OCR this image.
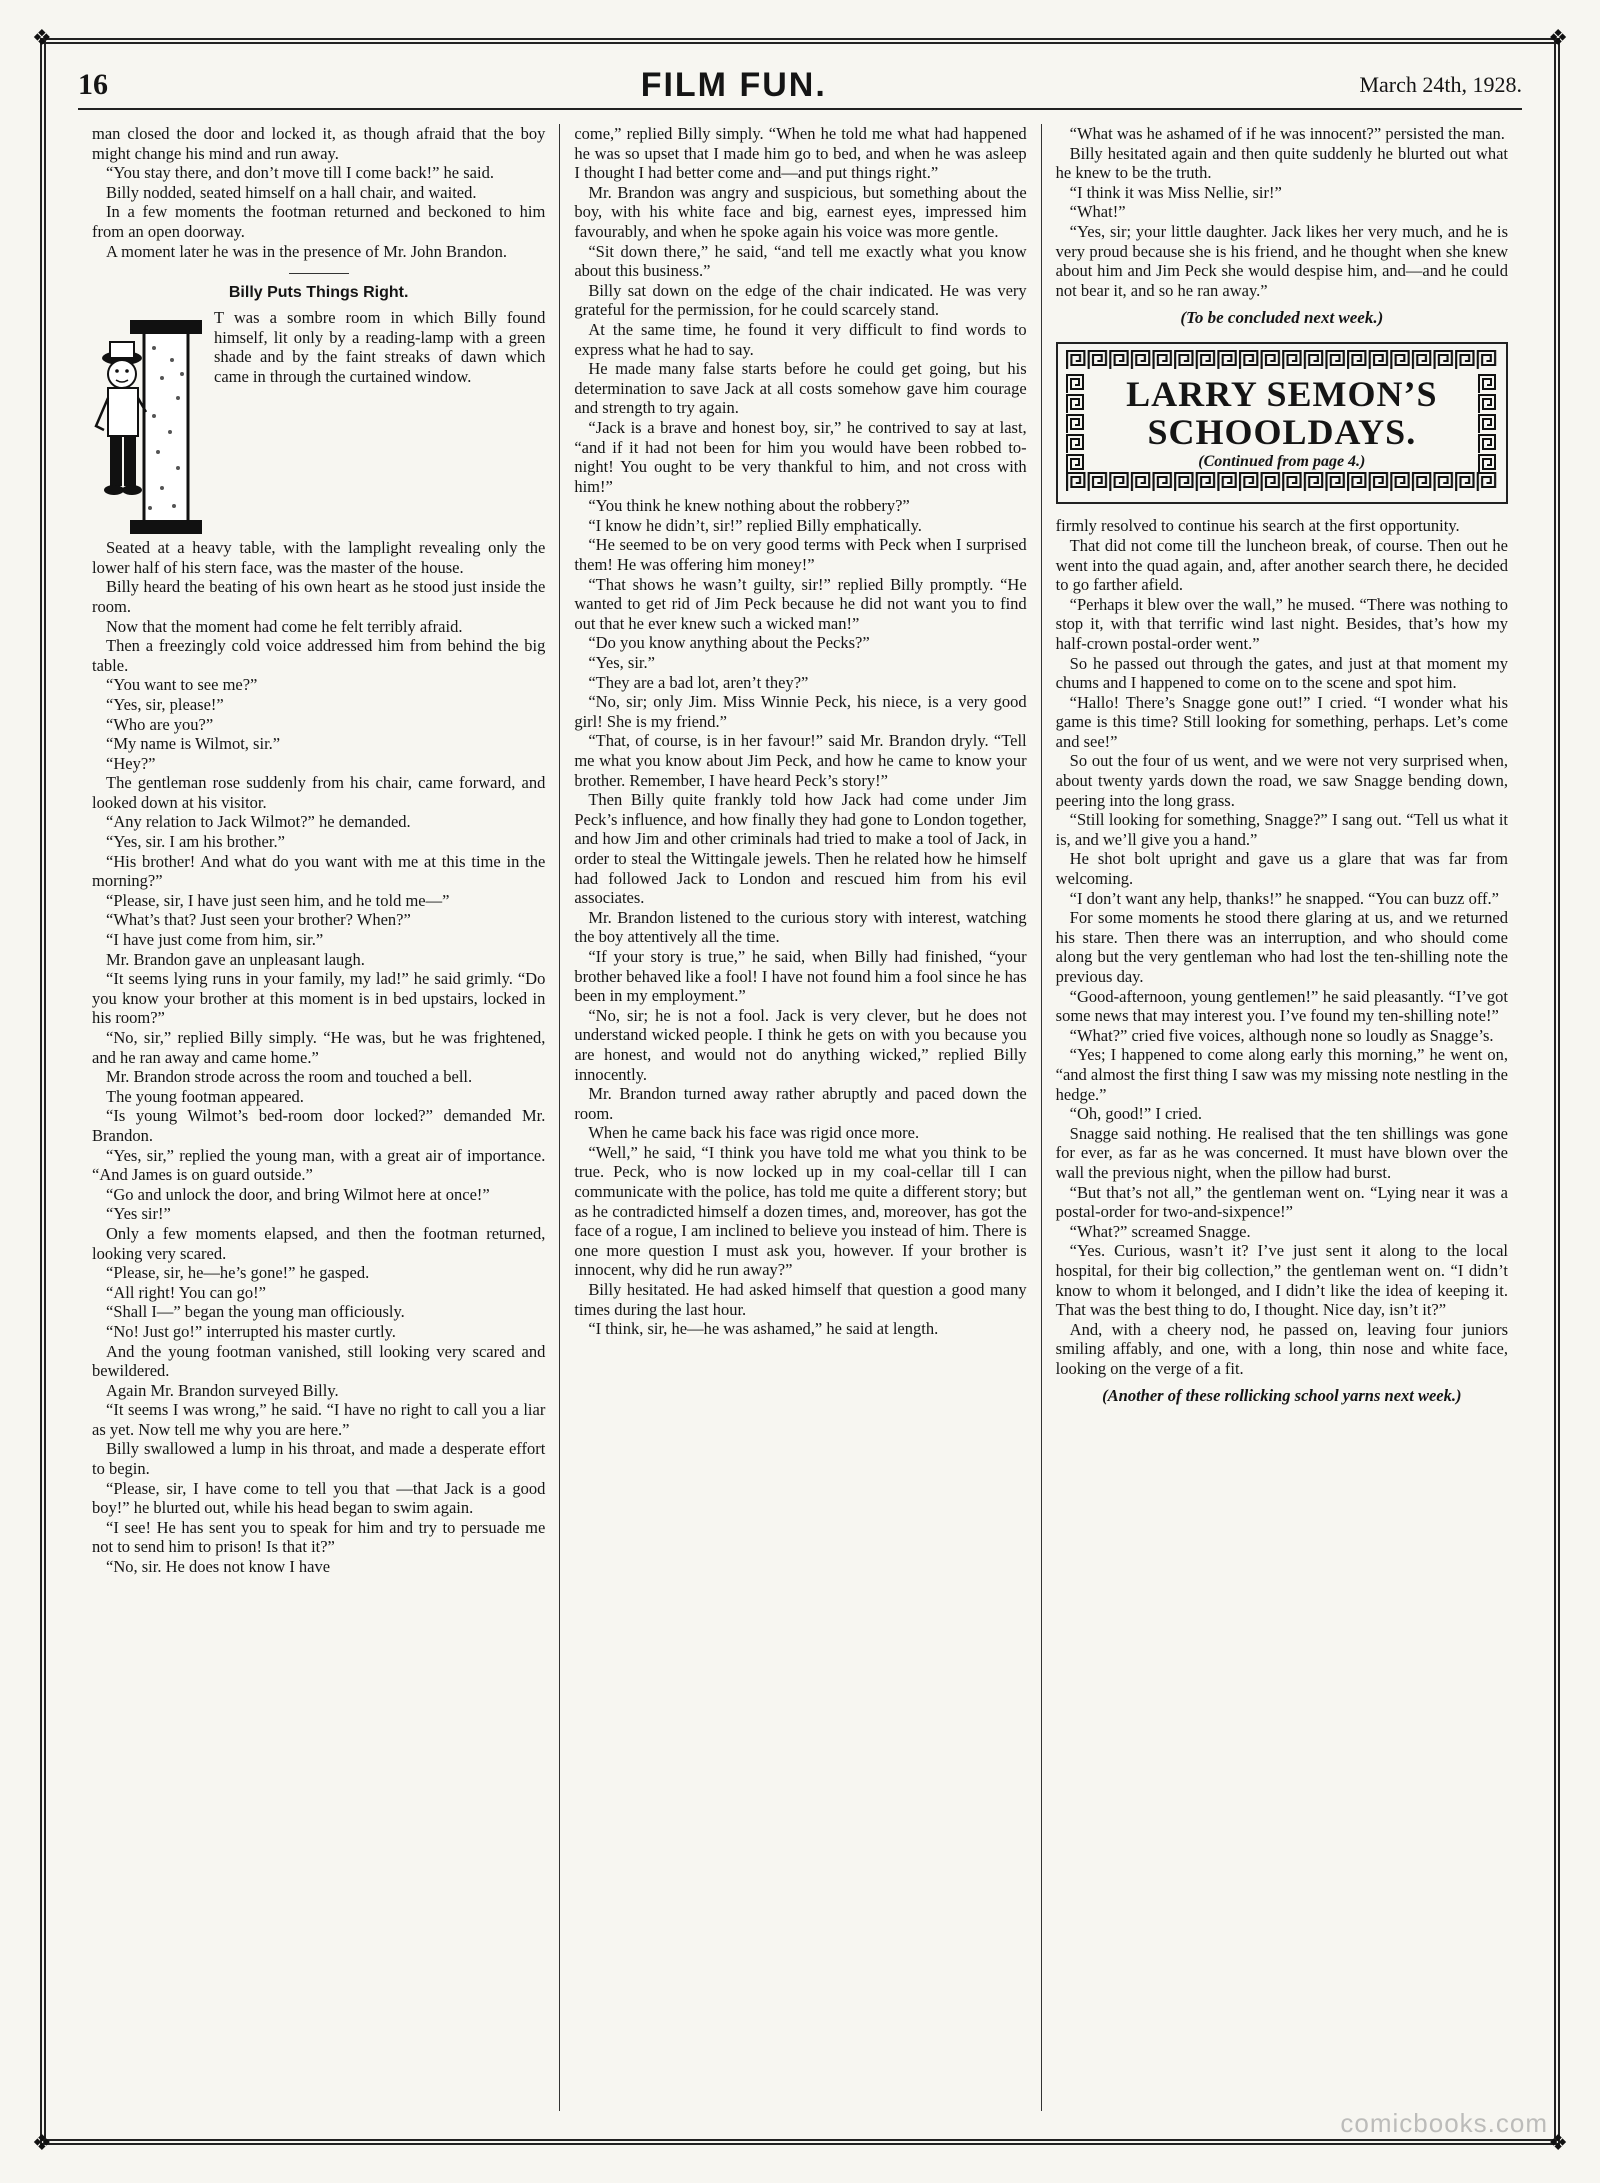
❖	❖
❖	❖
16	FILM FUN.	March 24th, 1928.

man closed the door and locked it, as though afraid that the boy might change his mind and run away.

“You stay there, and don’t move till I come back!” he said.

Billy nodded, seated himself on a hall chair, and waited.

In a few moments the footman returned and beckoned to him from an open doorway.

A moment later he was in the presence of Mr. John Brandon.

Billy Puts Things Right.

T was a sombre room in which Billy found himself, lit only by a reading-lamp with a green shade and by the faint streaks of dawn which came in through the curtained window.

Seated at a heavy table, with the lamplight revealing only the lower half of his stern face, was the master of the house.

Billy heard the beating of his own heart as he stood just inside the room.

Now that the moment had come he felt terribly afraid.

Then a freezingly cold voice addressed him from behind the big table.

“You want to see me?”

“Yes, sir, please!”

“Who are you?”

“My name is Wilmot, sir.”

“Hey?”

The gentleman rose suddenly from his chair, came forward, and looked down at his visitor.

“Any relation to Jack Wilmot?” he demanded.

“Yes, sir. I am his brother.”

“His brother! And what do you want with me at this time in the morning?”

“Please, sir, I have just seen him, and he told me—”

“What’s that? Just seen your brother? When?”

“I have just come from him, sir.”

Mr. Brandon gave an unpleasant laugh.

“It seems lying runs in your family, my lad!” he said grimly. “Do you know your brother at this moment is in bed upstairs, locked in his room?”

“No, sir,” replied Billy simply. “He was, but he was frightened, and he ran away and came home.”

Mr. Brandon strode across the room and touched a bell.

The young footman appeared.

“Is young Wilmot’s bed-room door locked?” demanded Mr. Brandon.

“Yes, sir,” replied the young man, with a great air of importance. “And James is on guard outside.”

“Go and unlock the door, and bring Wilmot here at once!”

“Yes sir!”

Only a few moments elapsed, and then the footman returned, looking very scared.

“Please, sir, he—he’s gone!” he gasped.

“All right! You can go!”

“Shall I—” began the young man officiously.

“No! Just go!” interrupted his master curtly.

And the young footman vanished, still looking very scared and bewildered.

Again Mr. Brandon surveyed Billy.

“It seems I was wrong,” he said. “I have no right to call you a liar as yet. Now tell me why you are here.”

Billy swallowed a lump in his throat, and made a desperate effort to begin.

“Please, sir, I have come to tell you that —that Jack is a good boy!” he blurted out, while his head began to swim again.

“I see! He has sent you to speak for him and try to persuade me not to send him to prison! Is that it?”

“No, sir. He does not know I have

come,” replied Billy simply. “When he told me what had happened he was so upset that I made him go to bed, and when he was asleep I thought I had better come and—and put things right.”

Mr. Brandon was angry and suspicious, but something about the boy, with his white face and big, earnest eyes, impressed him favourably, and when he spoke again his voice was more gentle.

“Sit down there,” he said, “and tell me exactly what you know about this business.”

Billy sat down on the edge of the chair indicated. He was very grateful for the permission, for he could scarcely stand.

At the same time, he found it very difficult to find words to express what he had to say.

He made many false starts before he could get going, but his determination to save Jack at all costs somehow gave him courage and strength to try again.

“Jack is a brave and honest boy, sir,” he contrived to say at last, “and if it had not been for him you would have been robbed to-night! You ought to be very thankful to him, and not cross with him!”

“You think he knew nothing about the robbery?”

“I know he didn’t, sir!” replied Billy emphatically.

“He seemed to be on very good terms with Peck when I surprised them! He was offering him money!”

“That shows he wasn’t guilty, sir!” replied Billy promptly. “He wanted to get rid of Jim Peck because he did not want you to find out that he ever knew such a wicked man!”

“Do you know anything about the Pecks?”

“Yes, sir.”

“They are a bad lot, aren’t they?”

“No, sir; only Jim. Miss Winnie Peck, his niece, is a very good girl! She is my friend.”

“That, of course, is in her favour!” said Mr. Brandon dryly. “Tell me what you know about Jim Peck, and how he came to know your brother. Remember, I have heard Peck’s story!”

Then Billy quite frankly told how Jack had come under Jim Peck’s influence, and how finally they had gone to London together, and how Jim and other criminals had tried to make a tool of Jack, in order to steal the Wittingale jewels. Then he related how he himself had followed Jack to London and rescued him from his evil associates.

Mr. Brandon listened to the curious story with interest, watching the boy attentively all the time.

“If your story is true,” he said, when Billy had finished, “your brother behaved like a fool! I have not found him a fool since he has been in my employment.”

“No, sir; he is not a fool. Jack is very clever, but he does not understand wicked people. I think he gets on with you because you are honest, and would not do anything wicked,” replied Billy innocently.

Mr. Brandon turned away rather abruptly and paced down the room.

When he came back his face was rigid once more.

“Well,” he said, “I think you have told me what you think to be true. Peck, who is now locked up in my coal-cellar till I can communicate with the police, has told me quite a different story; but as he contradicted himself a dozen times, and, moreover, has got the face of a rogue, I am inclined to believe you instead of him. There is one more question I must ask you, however. If your brother is innocent, why did he run away?”

Billy hesitated. He had asked himself that question a good many times during the last hour.

“I think, sir, he—he was ashamed,” he said at length.

“What was he ashamed of if he was innocent?” persisted the man.

Billy hesitated again and then quite suddenly he blurted out what he knew to be the truth.

“I think it was Miss Nellie, sir!”

“What!”

“Yes, sir; your little daughter. Jack likes her very much, and he is very proud because she is his friend, and he thought when she knew about him and Jim Peck she would despise him, and—and he could not bear it, and so he ran away.”

(To be concluded next week.)
LARRY SEMON’S
SCHOOLDAYS.
(Continued from page 4.)

firmly resolved to continue his search at the first opportunity.

That did not come till the luncheon break, of course. Then out he went into the quad again, and, after another search there, he decided to go farther afield.

“Perhaps it blew over the wall,” he mused. “There was nothing to stop it, with that terrific wind last night. Besides, that’s how my half-crown postal-order went.”

So he passed out through the gates, and just at that moment my chums and I happened to come on to the scene and spot him.

“Hallo! There’s Snagge gone out!” I cried. “I wonder what his game is this time? Still looking for something, perhaps. Let’s come and see!”

So out the four of us went, and we were not very surprised when, about twenty yards down the road, we saw Snagge bending down, peering into the long grass.

“Still looking for something, Snagge?” I sang out. “Tell us what it is, and we’ll give you a hand.”

He shot bolt upright and gave us a glare that was far from welcoming.

“I don’t want any help, thanks!” he snapped. “You can buzz off.”

For some moments he stood there glaring at us, and we returned his stare. Then there was an interruption, and who should come along but the very gentleman who had lost the ten-shilling note the previous day.

“Good-afternoon, young gentlemen!” he said pleasantly. “I’ve got some news that may interest you. I’ve found my ten-shilling note!”

“What?” cried five voices, although none so loudly as Snagge’s.

“Yes; I happened to come along early this morning,” he went on, “and almost the first thing I saw was my missing note nestling in the hedge.”

“Oh, good!” I cried.

Snagge said nothing. He realised that the ten shillings was gone for ever, as far as he was concerned. It must have blown over the wall the previous night, when the pillow had burst.

“But that’s not all,” the gentleman went on. “Lying near it was a postal-order for two-and-sixpence!”

“What?” screamed Snagge.

“Yes. Curious, wasn’t it? I’ve just sent it along to the local hospital, for their big collection,” the gentleman went on. “I didn’t know to whom it belonged, and I didn’t like the idea of keeping it. That was the best thing to do, I thought. Nice day, isn’t it?”

And, with a cheery nod, he passed on, leaving four juniors smiling affably, and one, with a long, thin nose and white face, looking on the verge of a fit.

(Another of these rollicking school yarns next week.)
comicbooks.com
